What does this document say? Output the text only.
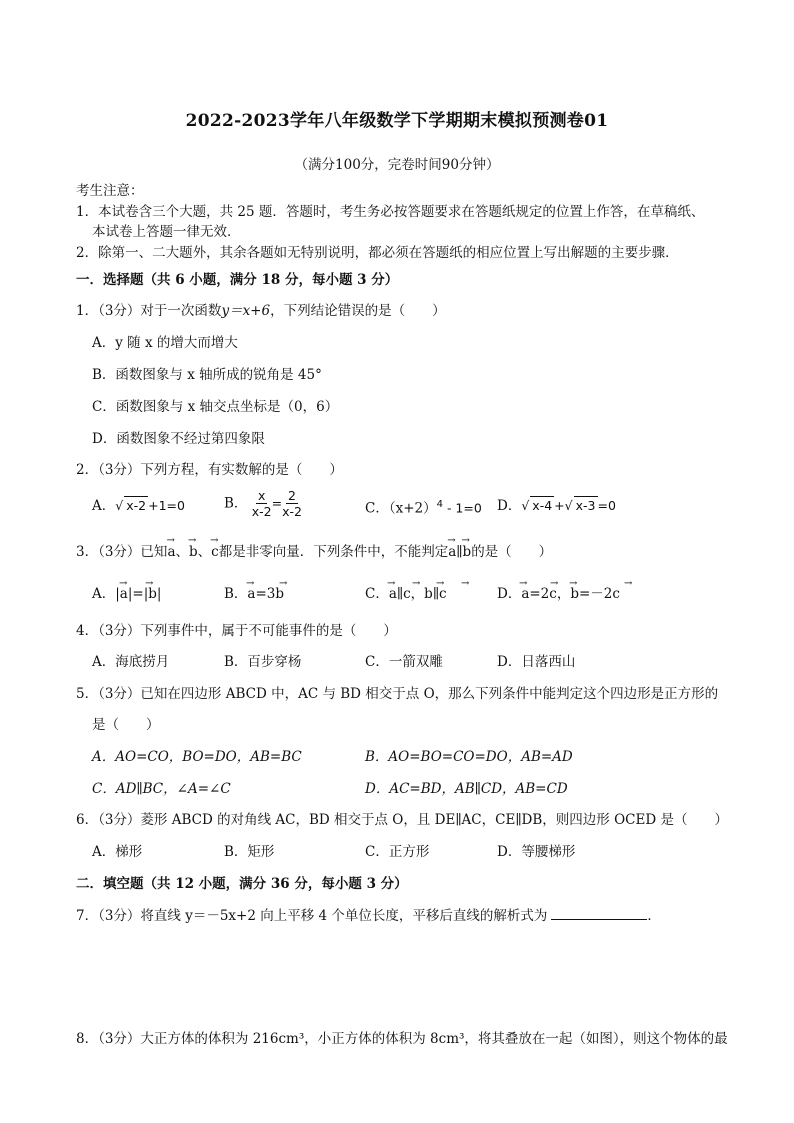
2022-2023学年八年级数学下学期期末模拟预测卷01
（满分100分，完卷时间90分钟）
考生注意：
1．本试卷含三个大题，共 25 题．答题时，考生务必按答题要求在答题纸规定的位置上作答，在草稿纸、
本试卷上答题一律无效．
2．除第一、二大题外，其余各题如无特别说明，都必须在答题纸的相应位置上写出解题的主要步骤．
一．选择题（共 6 小题，满分 18 分，每小题 3 分）
1．（3分）对于一次函数y＝x+6，下列结论错误的是（　　）
A．y 随 x 的增大而增大
B．函数图象与 x 轴所成的锐角是 45°
C．函数图象与 x 轴交点坐标是（0，6）
D．函数图象不经过第四象限
2．（3分）下列方程，有实数解的是（　　）
A．√ x-2 +1=0	B． $\frac{x}{x-2} = \frac{2}{x-2}$	C．$(x+2)^4 - 1=0$ D．√ x-4 +√ x-3 =0
3．（3分）已知→ a、→ b、→ c都是非零向量．下列条件中，不能判定→ a∥→ b的是（　　）
A．|a|=|b|	B．a=3b	C．a∥c，b∥c	D．a=2c，b=－2c
→ →	→ →	→ → → →	→ → →	→
4．（3分）下列事件中，属于不可能事件的是（　　）
A．海底捞月	B．百步穿杨	C．一箭双雕	D．日落西山
5．（3分）已知在四边形 ABCD 中，AC 与 BD 相交于点 O，那么下列条件中能判定这个四边形是正方形的
是（　　）
A．AO=CO，BO=DO，AB=BC	B．AO=BO=CO=DO，AB=AD
C．AD∥BC，∠A=∠C	D．AC=BD，AB∥CD，AB=CD
6．（3分）菱形 ABCD 的对角线 AC，BD 相交于点 O，且 DE∥AC，CE∥DB，则四边形 OCED 是（　　）
A．梯形	B．矩形	C．正方形	D．等腰梯形
二．填空题（共 12 小题，满分 36 分，每小题 3 分）
7．（3分）将直线 y＝－5x+2 向上平移 4 个单位长度，平移后直线的解析式为	．
8．（3分）大正方体的体积为 216cm³，小正方体的体积为 8cm³，将其叠放在一起（如图），则这个物体的最
